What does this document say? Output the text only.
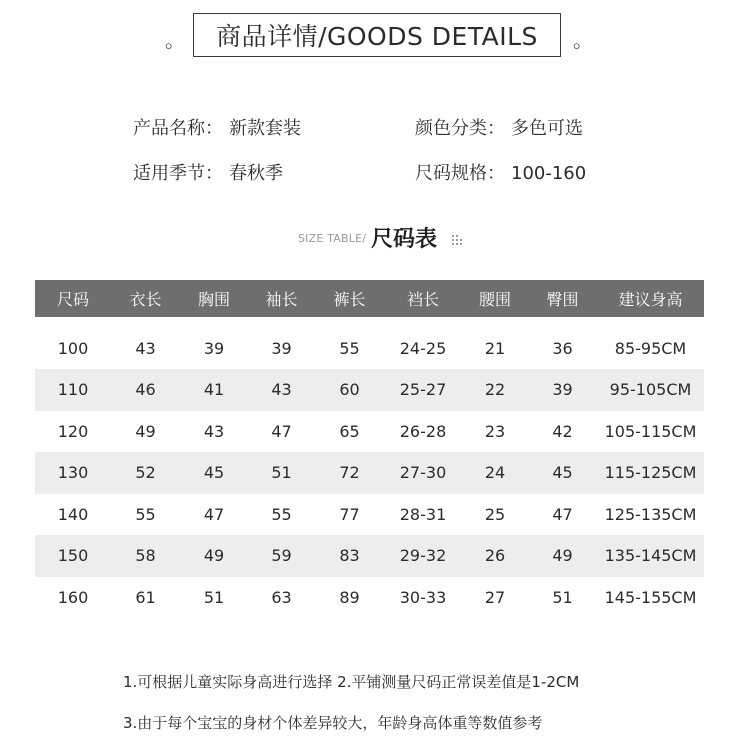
。	商品详情/GOODS DETAILS	。
产品名称： 新款套装	颜色分类： 多色可选
适用季节： 春秋季	尺码规格： 100-160
SIZE TABLE/ 尺码表
尺码	衣长	胸围	袖长	裤长	裆长	腰围	臀围	建议身高
100	43	39	39	55	24-25	21	36	85-95CM
110	46	41	43	60	25-27	22	39	95-105CM
120	49	43	47	65	26-28	23	42	105-115CM
130	52	45	51	72	27-30	24	45	115-125CM
140	55	47	55	77	28-31	25	47	125-135CM
150	58	49	59	83	29-32	26	49	135-145CM
160	61	51	63	89	30-33	27	51	145-155CM
1.可根据儿童实际身高进行选择 2.平铺测量尺码正常误差值是1-2CM
3.由于每个宝宝的身材个体差异较大，年龄身高体重等数值参考
